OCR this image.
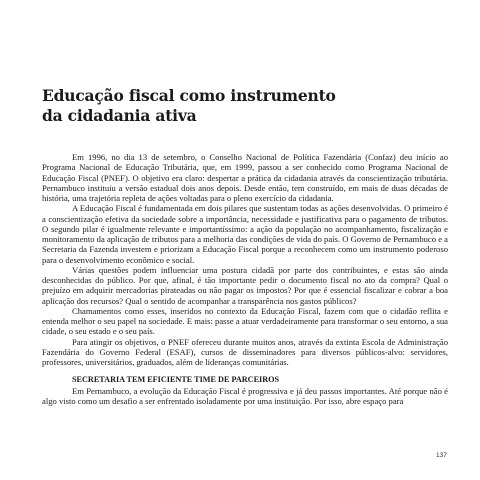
Educação fiscal como instrumento
da cidadania ativa

Em 1996, no dia 13 de setembro, o Conselho Nacional de Política Fazendária (Confaz) deu início ao Programa Nacional de Educação Tributária, que, em 1999, passou a ser conhecido como Programa Nacional de Educação Fiscal (PNEF). O objetivo era claro: despertar a prática da cidadania através da conscientização tributária. Pernambuco instituiu a versão estadual dois anos depois. Desde então, tem construído, em mais de duas décadas de história, uma trajetória repleta de ações voltadas para o pleno exercício da cidadania.

A Educação Fiscal é fundamentada em dois pilares que sustentam todas as ações desenvolvidas. O primeiro é a conscientização efetiva da sociedade sobre a importância, necessidade e justificativa para o pagamento de tributos. O segundo pilar é igualmente relevante e importantíssimo: a ação da população no acompanhamento, fiscalização e monitoramento da aplicação de tributos para a melhoria das condições de vida do país. O Governo de Pernambuco e a Secretaria da Fazenda investem e priorizam a Educação Fiscal porque a reconhecem como um instrumento poderoso para o desenvolvimento econômico e social.

Várias questões podem influenciar uma postura cidadã por parte dos contribuintes, e estas são ainda desconhecidas do público. Por que, afinal, é tão importante pedir o documento fiscal no ato da compra? Qual o prejuízo em adquirir mercadorias pirateadas ou não pagar os impostos? Por que é essencial fiscalizar e cobrar a boa aplicação dos recursos? Qual o sentido de acompanhar a transparência nos gastos públicos?

Chamamentos como esses, inseridos no contexto da Educação Fiscal, fazem com que o cidadão reflita e entenda melhor o seu papel na sociedade. E mais: passe a atuar verdadeiramente para transformar o seu entorno, a sua cidade, o seu estado e o seu país.

Para atingir os objetivos, o PNEF ofereceu durante muitos anos, através da extinta Escola de Administração Fazendária do Governo Federal (ESAF), cursos de disseminadores para diversos públicos-alvo: servidores, professores, universitários, graduados, além de lideranças comunitárias.

SECRETARIA TEM EFICIENTE TIME DE PARCEIROS

Em Pernambuco, a evolução da Educação Fiscal é progressiva e já deu passos importantes. Até porque não é algo visto como um desafio a ser enfrentado isoladamente por uma instituição. Por isso, abre espaço para

137
